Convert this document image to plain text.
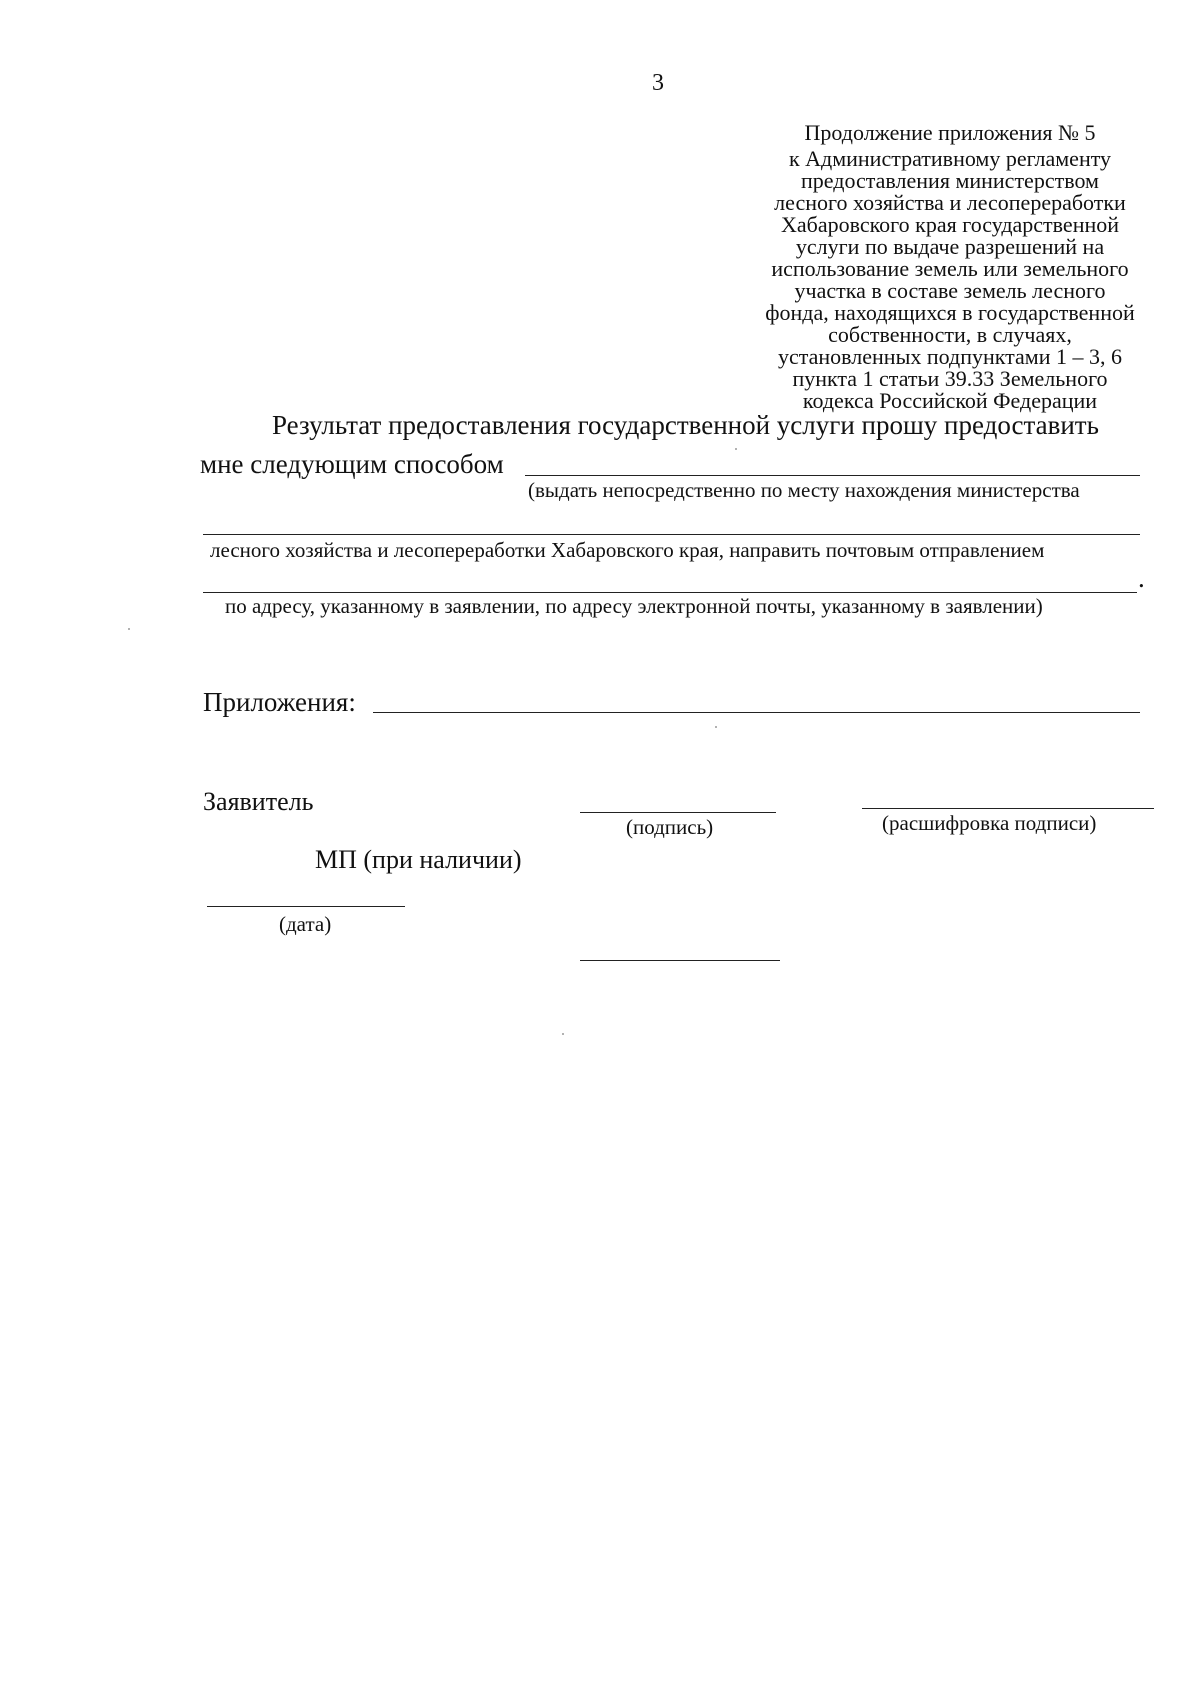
3
Продолжение приложения № 5
к Административному регламенту
предоставления министерством
лесного хозяйства и лесопереработки
Хабаровского края государственной
услуги по выдаче разрешений на
использование земель или земельного
участка в составе земель лесного
фонда, находящихся в государственной
собственности, в случаях,
установленных подпунктами 1 – 3, 6
пункта 1 статьи 39.33 Земельного
кодекса Российской Федерации
Результат предоставления государственной услуги прошу предоставить
мне следующим способом
(выдать непосредственно по месту нахождения министерства
лесного хозяйства и лесопереработки Хабаровского края, направить почтовым отправлением
.
по адресу, указанному в заявлении, по адресу электронной почты, указанному в заявлении)
Приложения:
Заявитель
(подпись)	(расшифровка подписи)
МП (при наличии)
(дата)
